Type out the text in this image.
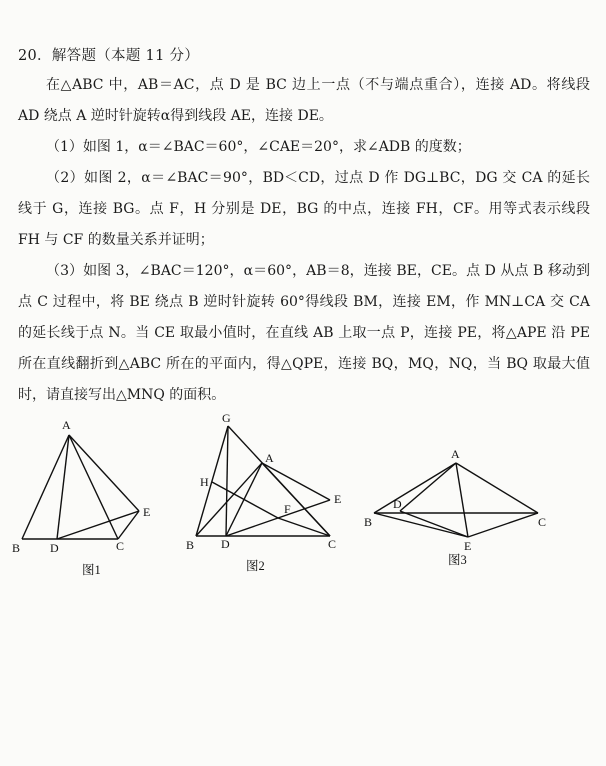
20．解答题（本题 11 分）
在△ABC 中，AB＝AC，点 D 是 BC 边上一点（不与端点重合），连接 AD。将线段 AD 绕点 A 逆时针旋转α得到线段 AE，连接 DE。
（1）如图 1，α＝∠BAC＝60°，∠CAE＝20°，求∠ADB 的度数；
（2）如图 2，α＝∠BAC＝90°，BD＜CD，过点 D 作 DG⊥BC，DG 交 CA 的延长线于 G，连接 BG。点 F，H 分别是 DE，BG 的中点，连接 FH，CF。用等式表示线段 FH 与 CF 的数量关系并证明；
（3）如图 3，∠BAC＝120°，α＝60°，AB＝8，连接 BE，CE。点 D 从点 B 移动到点 C 过程中，将 BE 绕点 B 逆时针旋转 60°得线段 BM，连接 EM，作 MN⊥CA 交 CA 的延长线于点 N。当 CE 取最小值时，在直线 AB 上取一点 P，连接 PE，将△APE 沿 PE 所在直线翻折到△ABC 所在的平面内，得△QPE，连接 BQ，MQ，NQ，当 BQ 取最大值时，请直接写出△MNQ 的面积。
A
B D	C
E
图1
G
A
H
E
F
B D	C
图2
A
B
D
C
E
图3
